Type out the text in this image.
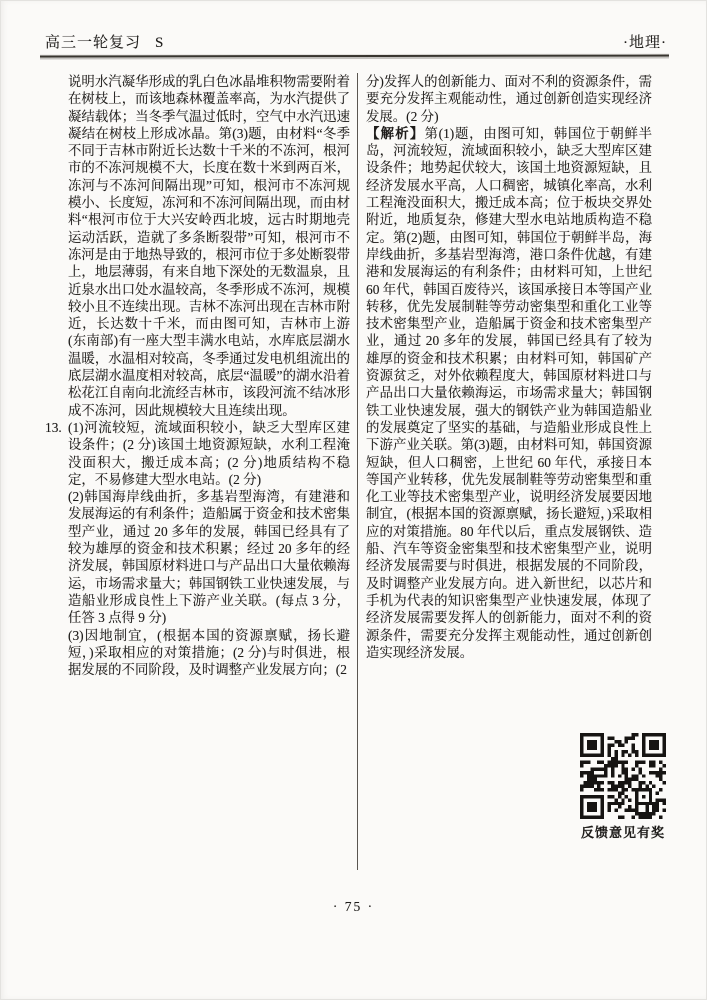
高三一轮复习 S	·地理·

说明水汽凝华形成的乳白色冰晶堆积物需要附着在树枝上，而该地森林覆盖率高，为水汽提供了凝结载体；当冬季气温过低时，空气中水汽迅速凝结在树枝上形成冰晶。第(3)题，由材料“冬季不同于吉林市附近长达数十千米的不冻河，根河市的不冻河规模不大，长度在数十米到两百米，冻河与不冻河间隔出现”可知，根河市不冻河规模小、长度短，冻河和不冻河间隔出现，而由材料“根河市位于大兴安岭西北坡，远古时期地壳运动活跃，造就了多条断裂带”可知，根河市不冻河是由于地热导致的，根河市位于多处断裂带上，地层薄弱，有来自地下深处的无数温泉，且近泉水出口处水温较高，冬季形成不冻河，规模较小且不连续出现。吉林不冻河出现在吉林市附近，长达数十千米，而由图可知，吉林市上游(东南部)有一座大型丰满水电站，水库底层湖水温暖，水温相对较高，冬季通过发电机组流出的底层湖水温度相对较高，底层“温暖”的湖水沿着松花江自南向北流经吉林市，该段河流不结冰形成不冻河，因此规模较大且连续出现。

13. (1)河流较短，流域面积较小，缺乏大型库区建设条件；(2 分)该国土地资源短缺，水利工程淹没面积大，搬迁成本高；(2 分)地质结构不稳定，不易修建大型水电站。(2 分)

(2)韩国海岸线曲折，多基岩型海湾，有建港和发展海运的有利条件；造船属于资金和技术密集型产业，通过 20 多年的发展，韩国已经具有了较为雄厚的资金和技术积累；经过 20 多年的经济发展，韩国原材料进口与产品出口大量依赖海运，市场需求量大；韩国钢铁工业快速发展，与造船业形成良性上下游产业关联。(每点 3 分，任答 3 点得 9 分)

(3)因地制宜，(根据本国的资源禀赋，扬长避短，)采取相应的对策措施；(2 分)与时俱进，根据发展的不同阶段，及时调整产业发展方向；(2

分)发挥人的创新能力、面对不利的资源条件，需要充分发挥主观能动性，通过创新创造实现经济发展。(2 分)

【解析】第(1)题，由图可知，韩国位于朝鲜半岛，河流较短，流域面积较小，缺乏大型库区建设条件；地势起伏较大，该国土地资源短缺，且经济发展水平高，人口稠密，城镇化率高，水利工程淹没面积大，搬迁成本高；位于板块交界处附近，地质复杂，修建大型水电站地质构造不稳定。第(2)题，由图可知，韩国位于朝鲜半岛，海岸线曲折，多基岩型海湾，港口条件优越，有建港和发展海运的有利条件；由材料可知，上世纪 60 年代，韩国百废待兴，该国承接日本等国产业转移，优先发展制鞋等劳动密集型和重化工业等技术密集型产业，造船属于资金和技术密集型产业，通过 20 多年的发展，韩国已经具有了较为雄厚的资金和技术积累；由材料可知，韩国矿产资源贫乏，对外依赖程度大，韩国原材料进口与产品出口大量依赖海运，市场需求量大；韩国钢铁工业快速发展，强大的钢铁产业为韩国造船业的发展奠定了坚实的基础，与造船业形成良性上下游产业关联。第(3)题，由材料可知，韩国资源短缺，但人口稠密，上世纪 60 年代，承接日本等国产业转移，优先发展制鞋等劳动密集型和重化工业等技术密集型产业，说明经济发展要因地制宜，(根据本国的资源禀赋，扬长避短，)采取相应的对策措施。80 年代以后，重点发展钢铁、造船、汽车等资金密集型和技术密集型产业，说明经济发展需要与时俱进，根据发展的不同阶段，及时调整产业发展方向。进入新世纪，以芯片和手机为代表的知识密集型产业快速发展，体现了经济发展需要发挥人的创新能力，面对不利的资源条件，需要充分发挥主观能动性，通过创新创造实现经济发展。

反馈意见有奖
· 75 ·
